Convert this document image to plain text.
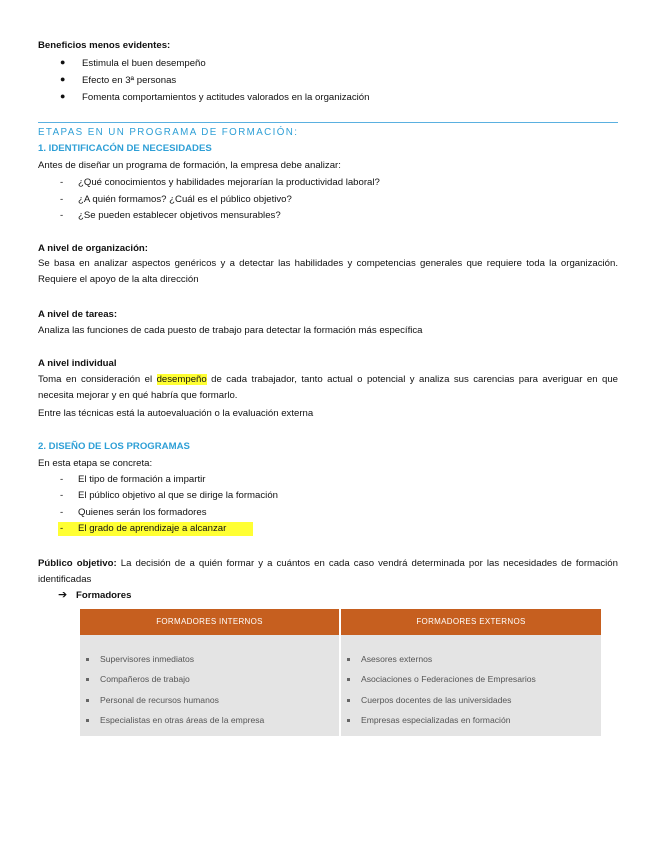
Beneficios menos evidentes:
● Estimula el buen desempeño
● Efecto en 3ª personas
● Fomenta comportamientos y actitudes valorados en la organización
ETAPAS EN UN PROGRAMA DE FORMACIÓN:
1. IDENTIFICACÓN DE NECESIDADES
Antes de diseñar un programa de formación, la empresa debe analizar:
- ¿Qué conocimientos y habilidades mejorarían la productividad laboral?
- ¿A quién formamos? ¿Cuál es el público objetivo?
- ¿Se pueden establecer objetivos mensurables?
A nivel de organización:
Se basa en analizar aspectos genéricos y a detectar las habilidades y competencias generales que requiere toda la organización. Requiere el apoyo de la alta dirección
A nivel de tareas:
Analiza las funciones de cada puesto de trabajo para detectar la formación más específica
A nivel individual
Toma en consideración el desempeño de cada trabajador, tanto actual o potencial y analiza sus carencias para averiguar en que necesita mejorar y en qué habría que formarlo.
Entre las técnicas está la autoevaluación o la evaluación externa
2. DISEÑO DE LOS PROGRAMAS
En esta etapa se concreta:
- El tipo de formación a impartir
- El público objetivo al que se dirige la formación
- Quienes serán los formadores
- El grado de aprendizaje a alcanzar
Público objetivo: La decisión de a quién formar y a cuántos en cada caso vendrá determinada por las necesidades de formación identificadas
➔ Formadores
FORMADORES INTERNOS	FORMADORES EXTERNOS
Supervisores inmediatos
Compañeros de trabajo
Personal de recursos humanos
Especialistas en otras áreas de la empresa
Asesores externos
Asociaciones o Federaciones de Empresarios
Cuerpos docentes de las universidades
Empresas especializadas en formación
